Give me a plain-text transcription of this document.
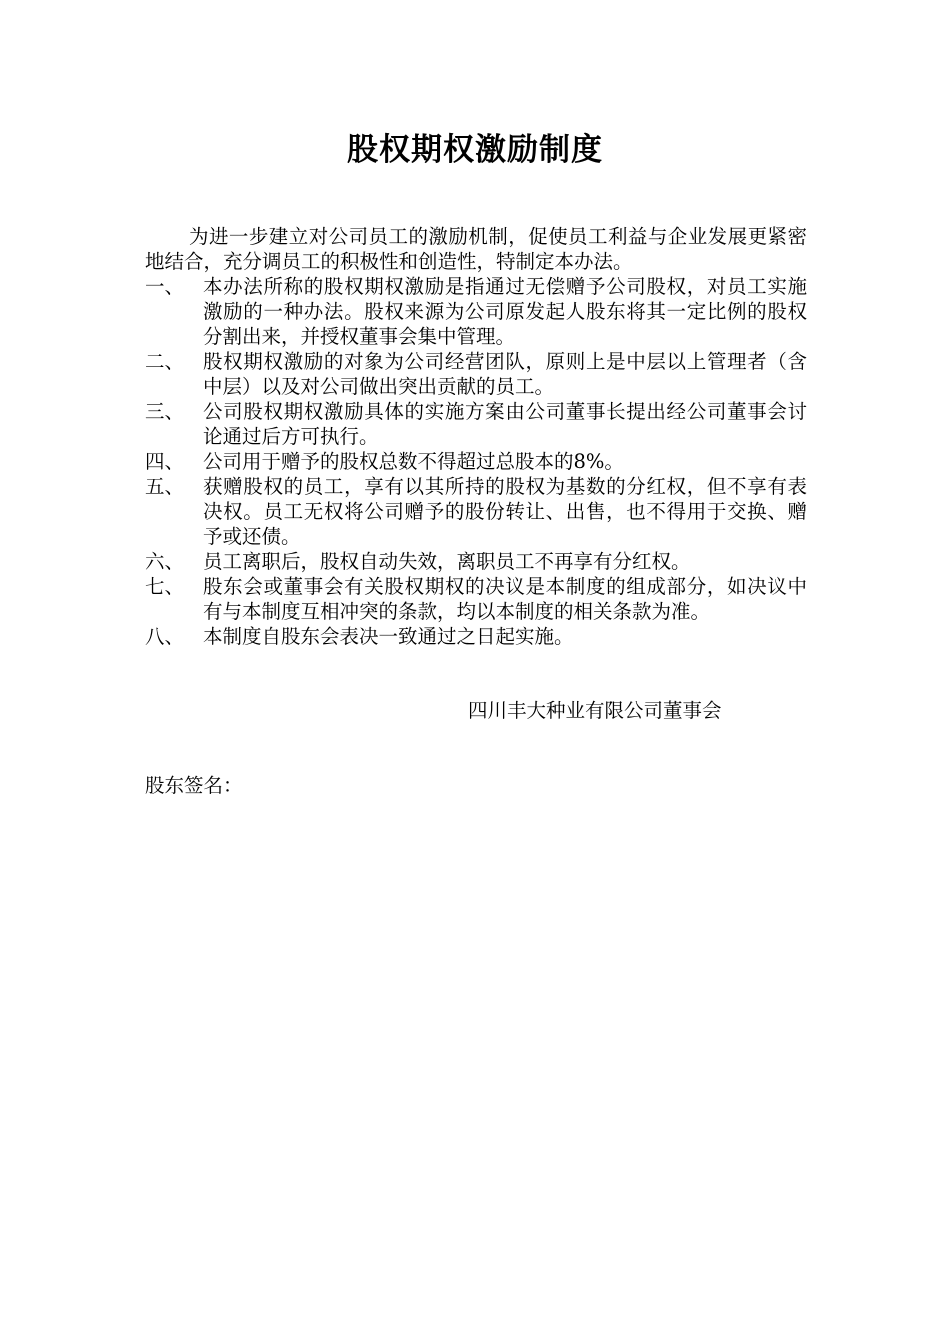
股权期权激励制度

为进一步建立对公司员工的激励机制，促使员工利益与企业发展更紧密地结合，充分调员工的积极性和创造性，特制定本办法。

一、 本办法所称的股权期权激励是指通过无偿赠予公司股权，对员工实施激励的一种办法。股权来源为公司原发起人股东将其一定比例的股权分割出来，并授权董事会集中管理。
二、 股权期权激励的对象为公司经营团队，原则上是中层以上管理者（含中层）以及对公司做出突出贡献的员工。
三、 公司股权期权激励具体的实施方案由公司董事长提出经公司董事会讨论通过后方可执行。
四、 公司用于赠予的股权总数不得超过总股本的8%。
五、 获赠股权的员工，享有以其所持的股权为基数的分红权，但不享有表决权。员工无权将公司赠予的股份转让、出售，也不得用于交换、赠予或还债。
六、 员工离职后，股权自动失效，离职员工不再享有分红权。
七、 股东会或董事会有关股权期权的决议是本制度的组成部分，如决议中有与本制度互相冲突的条款，均以本制度的相关条款为准。
八、 本制度自股东会表决一致通过之日起实施。
四川丰大种业有限公司董事会
股东签名：
